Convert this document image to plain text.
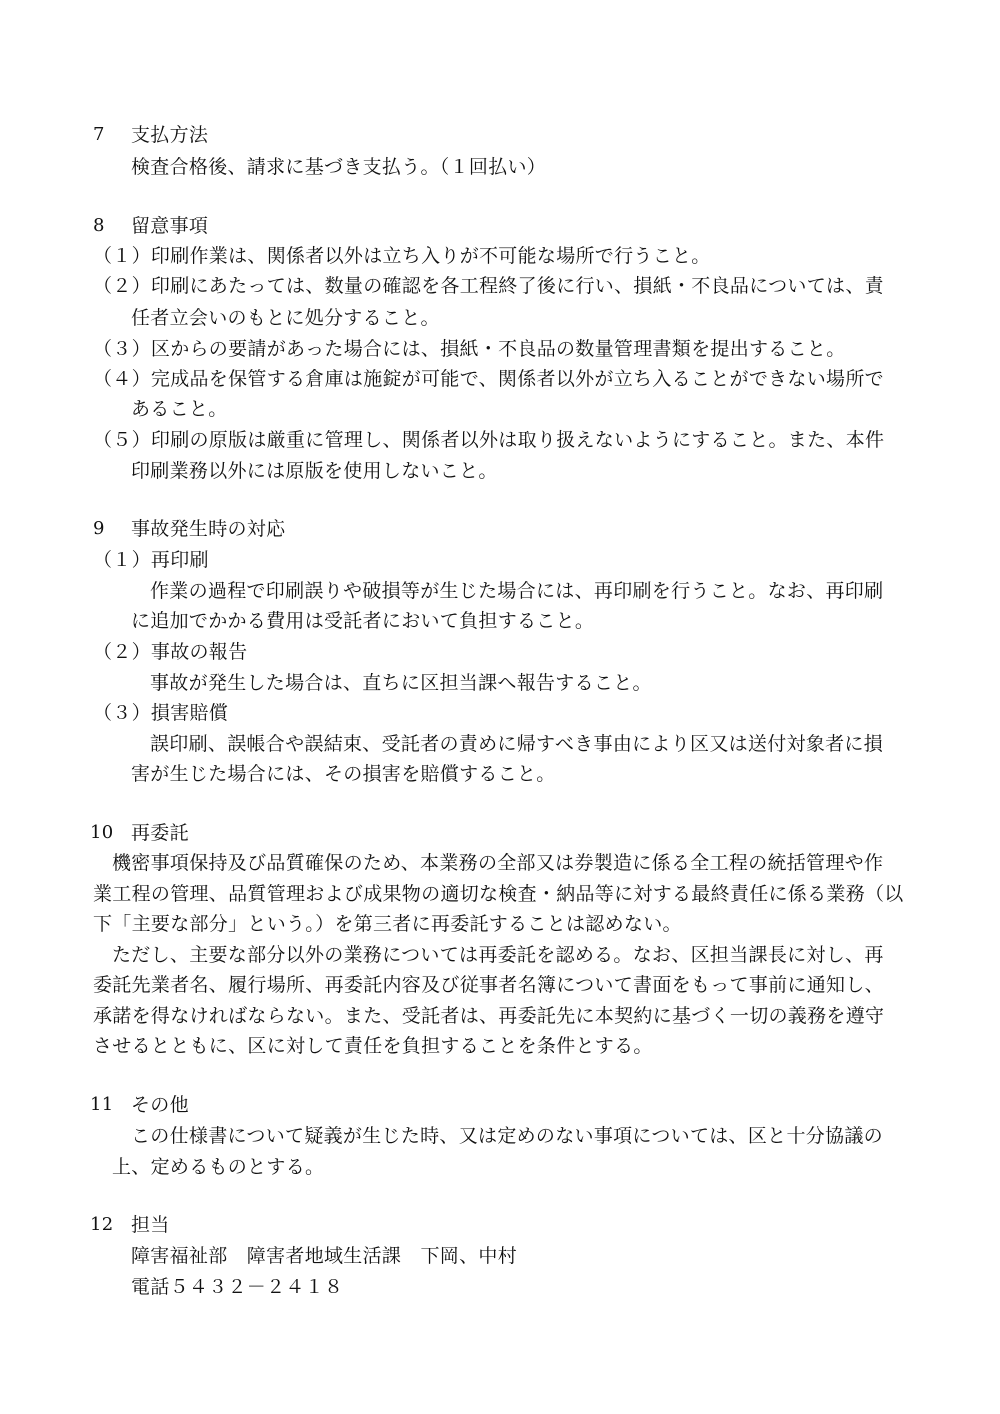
7 支払方法
検査合格後、請求に基づき支払う。（１回払い）
8 留意事項
（１）印刷作業は、関係者以外は立ち入りが不可能な場所で行うこと。
（２）印刷にあたっては、数量の確認を各工程終了後に行い、損紙・不良品については、責
任者立会いのもとに処分すること。
（３）区からの要請があった場合には、損紙・不良品の数量管理書類を提出すること。
（４）完成品を保管する倉庫は施錠が可能で、関係者以外が立ち入ることができない場所で
あること。
（５）印刷の原版は厳重に管理し、関係者以外は取り扱えないようにすること。また、本件
印刷業務以外には原版を使用しないこと。
9 事故発生時の対応
（１）再印刷
作業の過程で印刷誤りや破損等が生じた場合には、再印刷を行うこと。なお、再印刷
に追加でかかる費用は受託者において負担すること。
（２）事故の報告
事故が発生した場合は、直ちに区担当課へ報告すること。
（３）損害賠償
誤印刷、誤帳合や誤結束、受託者の責めに帰すべき事由により区又は送付対象者に損
害が生じた場合には、その損害を賠償すること。
10 再委託
機密事項保持及び品質確保のため、本業務の全部又は券製造に係る全工程の統括管理や作
業工程の管理、品質管理および成果物の適切な検査・納品等に対する最終責任に係る業務（以
下「主要な部分」という。）を第三者に再委託することは認めない。
ただし、主要な部分以外の業務については再委託を認める。なお、区担当課長に対し、再
委託先業者名、履行場所、再委託内容及び従事者名簿について書面をもって事前に通知し、
承諾を得なければならない。また、受託者は、再委託先に本契約に基づく一切の義務を遵守
させるとともに、区に対して責任を負担することを条件とする。
11 その他
この仕様書について疑義が生じた時、又は定めのない事項については、区と十分協議の
上、定めるものとする。
12 担当
障害福祉部　障害者地域生活課　下岡、中村
電話５４３２－２４１８
